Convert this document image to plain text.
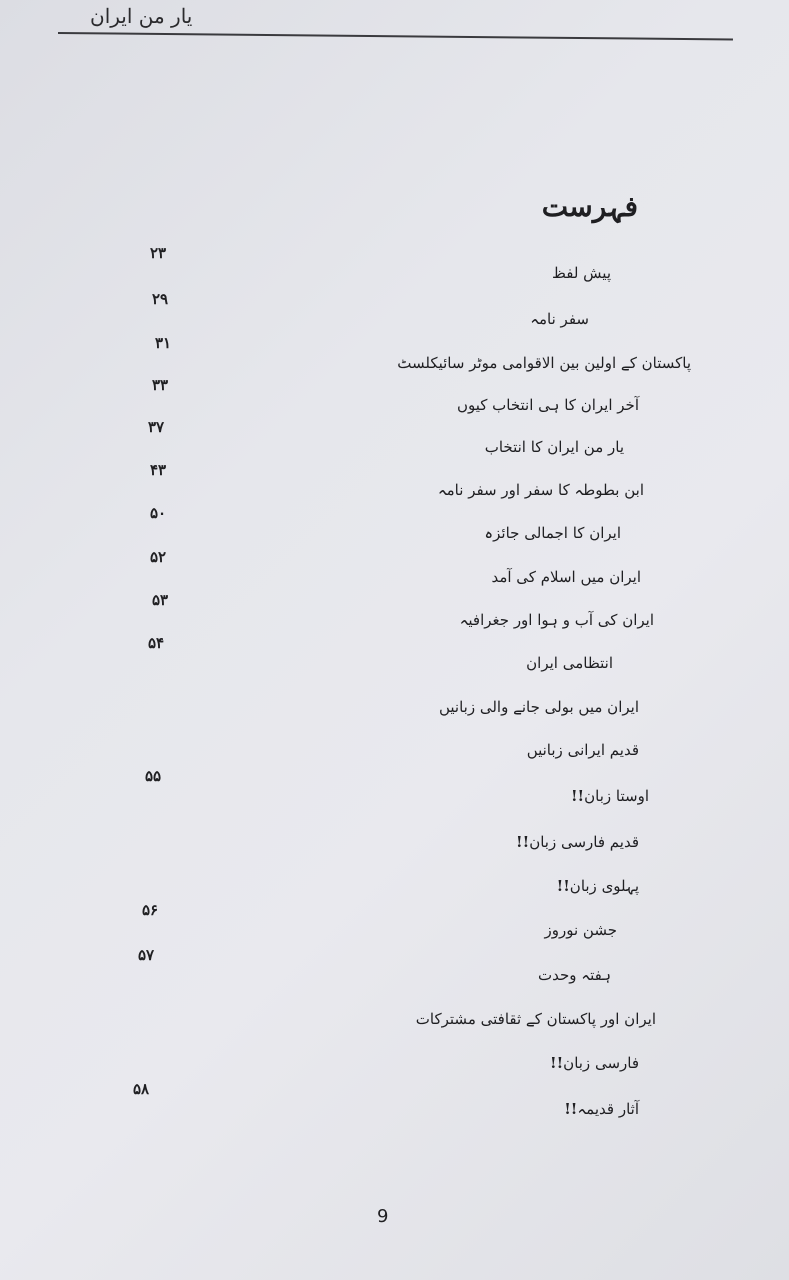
یار من ایران
فہرست
۲۳
پیش لفظ
۲۹
سفر نامہ
۳۱
پاکستان کے اولین بین الاقوامی موٹر سائیکلسٹ
۳۳
آخر ایران کا ہی انتخاب کیوں
۳۷
یار من ایران کا انتخاب
۴۳
ابن بطوطہ کا سفر اور سفر نامہ
۵۰
ایران کا اجمالی جائزہ
۵۲
ایران میں اسلام کی آمد
۵۳
ایران کی آب و ہوا اور جغرافیہ
۵۴
انتظامی ایران
ایران میں بولی جانے والی زبانیں
قدیم ایرانی زبانیں
۵۵
اوستا زبان!!
قدیم فارسی زبان!!
پہلوی زبان!!
۵۶
جشن نوروز
۵۷
ہفتہ وحدت
ایران اور پاکستان کے ثقافتی مشترکات
فارسی زبان!!
۵۸
آثار قدیمہ!!
9
